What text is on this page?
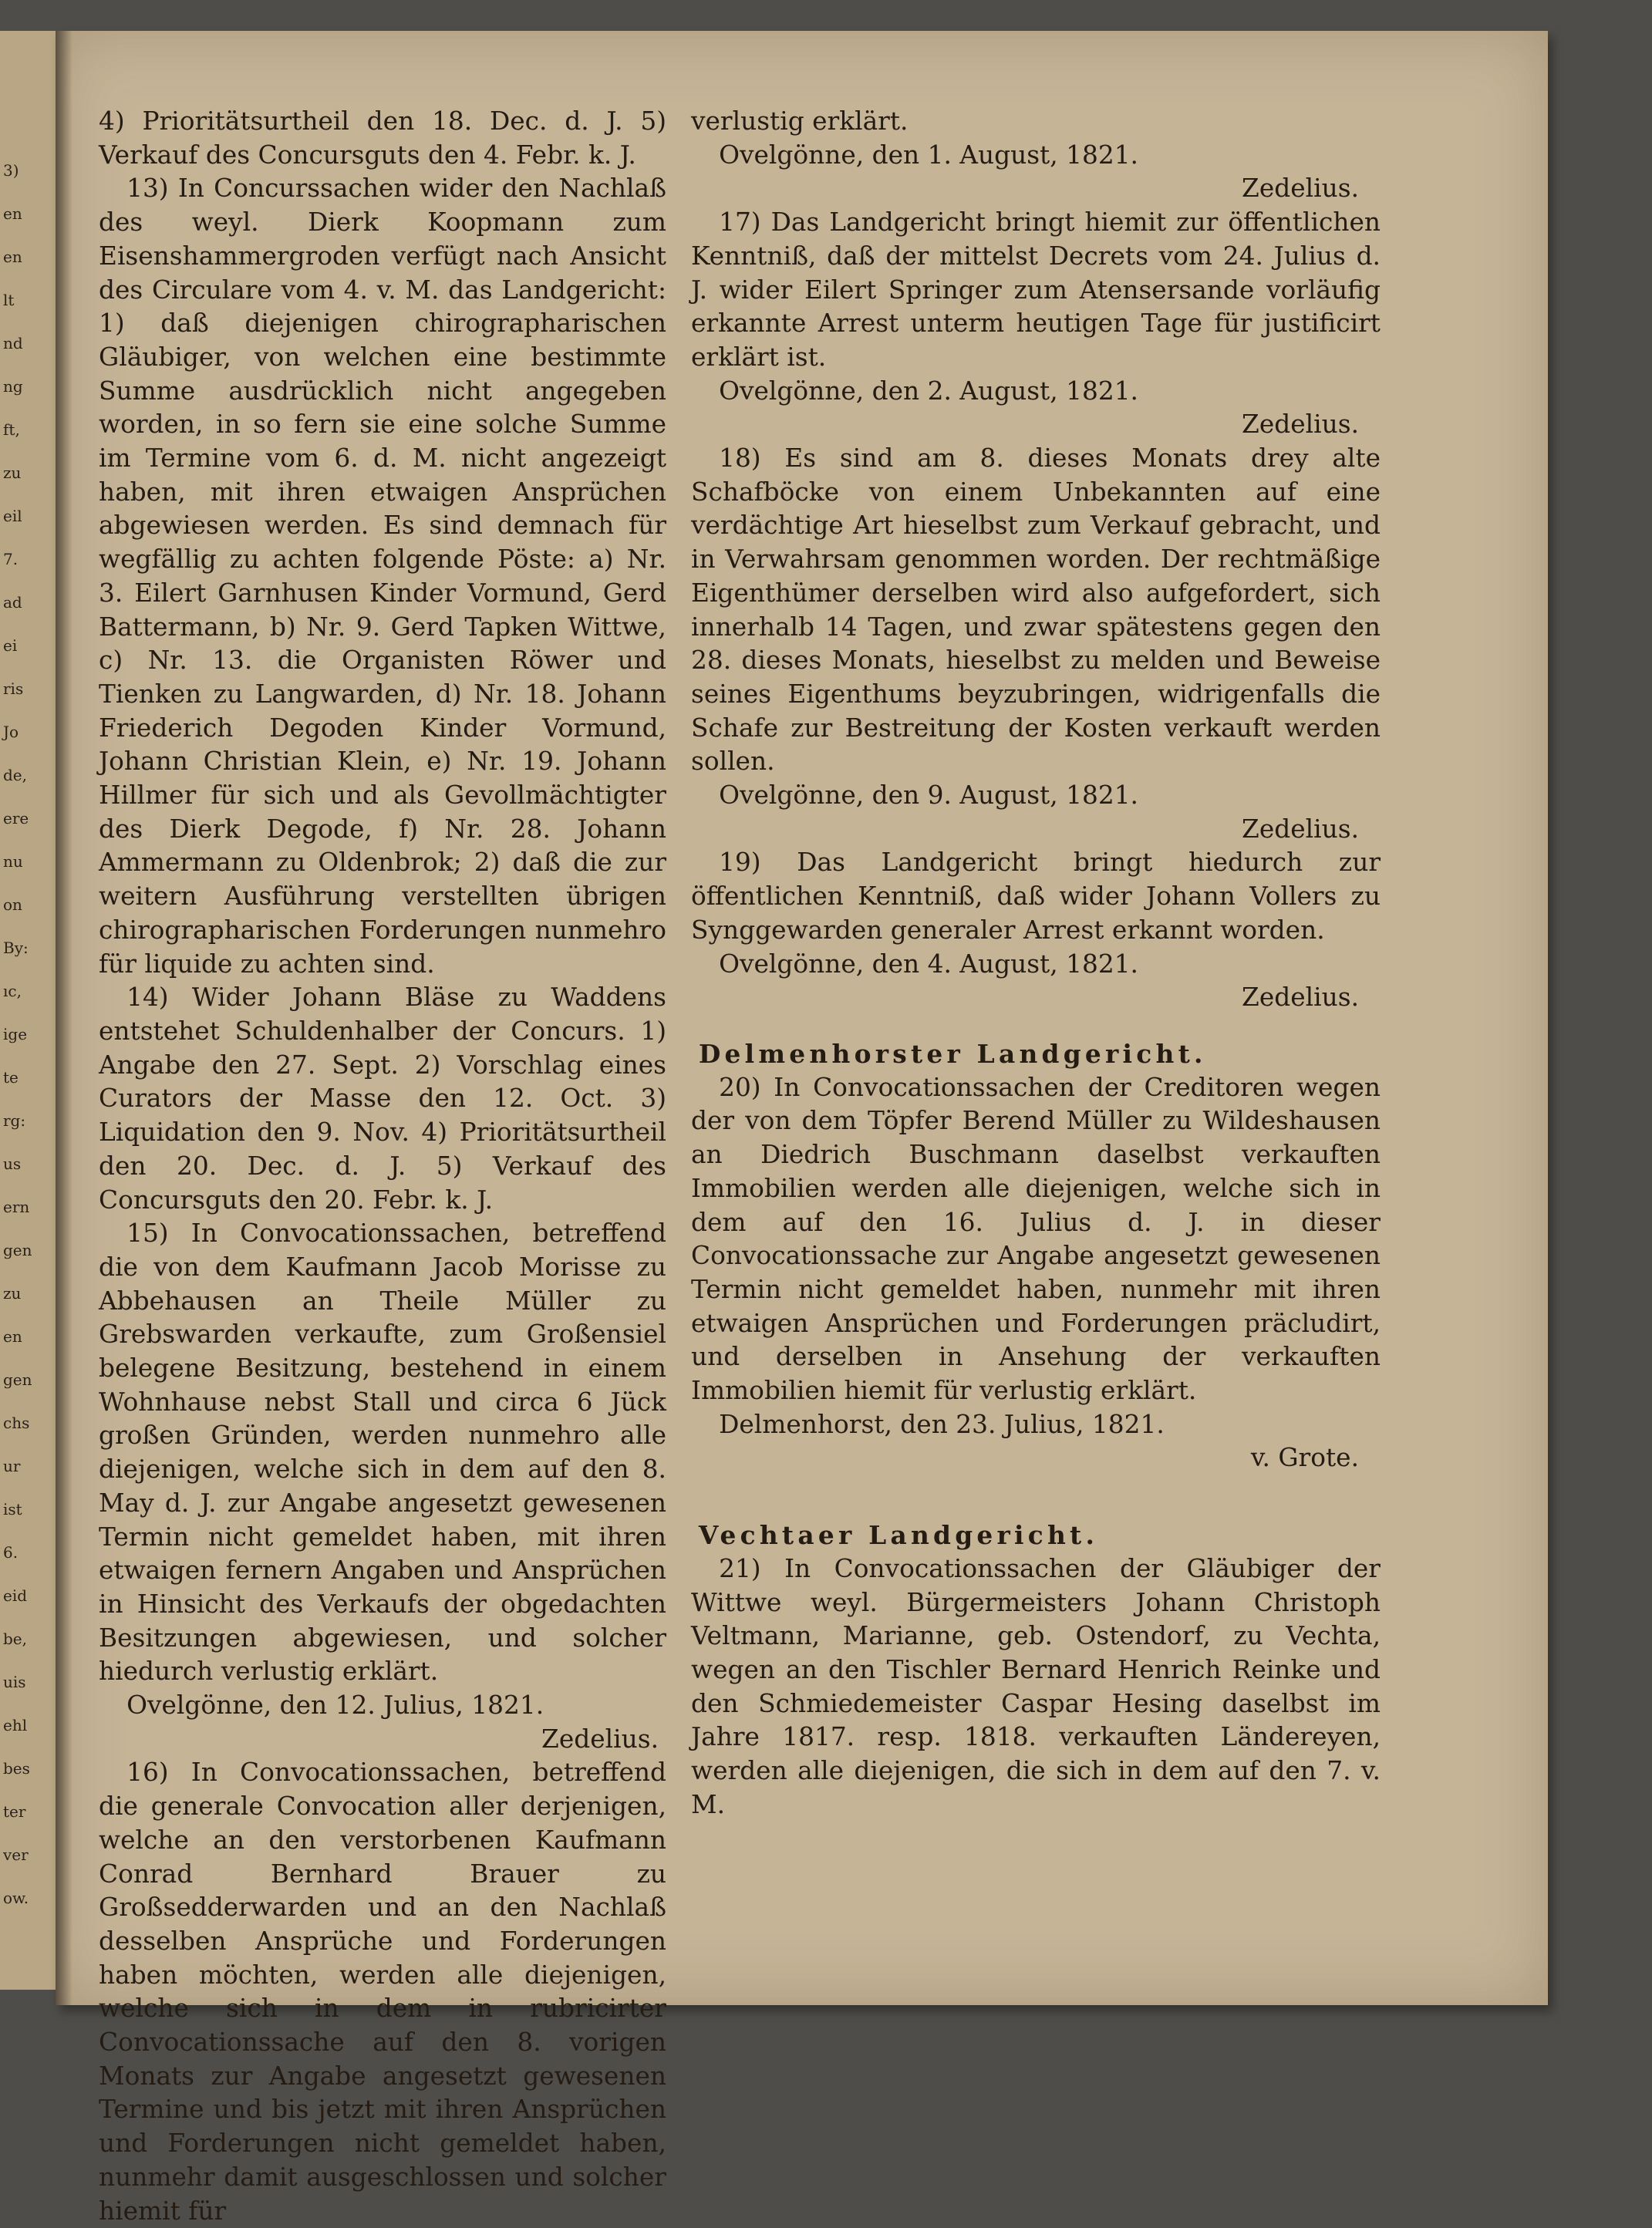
3)
en
en
lt
nd
ng
ft,
zu
eil
7.
ad
ei
ris
Jo
de,
ere
nu
on
By:
ıc,
ige
te
rg:
us
ern
gen
zu
en
gen
chs
ur
ist
6.
eid
be,
uis
ehl
bes
ter
ver
ow.

4) Prioritätsurtheil den 18. Dec. d. J. 5) Verkauf des Concursguts den 4. Febr. k. J.

13) In Concurssachen wider den Nachlaß des weyl. Dierk Koopmann zum Eisenshammergroden verfügt nach Ansicht des Circulare vom 4. v. M. das Landgericht: 1) daß diejenigen chirographarischen Gläubiger, von welchen eine bestimmte Summe ausdrücklich nicht angegeben worden, in so fern sie eine solche Summe im Termine vom 6. d. M. nicht angezeigt haben, mit ihren etwaigen Ansprüchen abgewiesen werden. Es sind demnach für wegfällig zu achten folgende Pöste: a) Nr. 3. Eilert Garnhusen Kinder Vormund, Gerd Battermann, b) Nr. 9. Gerd Tapken Wittwe, c) Nr. 13. die Organisten Röwer und Tienken zu Langwarden, d) Nr. 18. Johann Friederich Degoden Kinder Vormund, Johann Christian Klein, e) Nr. 19. Johann Hillmer für sich und als Gevollmächtigter des Dierk Degode, f) Nr. 28. Johann Ammermann zu Oldenbrok; 2) daß die zur weitern Ausführung verstellten übrigen chirographarischen Forderungen nunmehro für liquide zu achten sind.

14) Wider Johann Bläse zu Waddens entstehet Schuldenhalber der Concurs. 1) Angabe den 27. Sept. 2) Vorschlag eines Curators der Masse den 12. Oct. 3) Liquidation den 9. Nov. 4) Prioritätsurtheil den 20. Dec. d. J. 5) Verkauf des Concursguts den 20. Febr. k. J.

15) In Convocationssachen, betreffend die von dem Kaufmann Jacob Morisse zu Abbehausen an Theile Müller zu Grebswarden verkaufte, zum Großensiel belegene Besitzung, bestehend in einem Wohnhause nebst Stall und circa 6 Jück großen Gründen, werden nunmehro alle diejenigen, welche sich in dem auf den 8. May d. J. zur Angabe angesetzt gewesenen Termin nicht gemeldet haben, mit ihren etwaigen fernern Angaben und Ansprüchen in Hinsicht des Verkaufs der obgedachten Besitzungen abgewiesen, und solcher hiedurch verlustig erklärt.

Ovelgönne, den 12. Julius, 1821.

Zedelius.

16) In Convocationssachen, betreffend die generale Convocation aller derjenigen, welche an den verstorbenen Kaufmann Conrad Bernhard Brauer zu Großsedderwarden und an den Nachlaß desselben Ansprüche und Forderungen haben möchten, werden alle diejenigen, welche sich in dem in rubricirter Convocationssache auf den 8. vorigen Monats zur Angabe angesetzt gewesenen Termine und bis jetzt mit ihren Ansprüchen und Forderungen nicht gemeldet haben, nunmehr damit ausgeschlossen und solcher hiemit für

verlustig erklärt.

Ovelgönne, den 1. August, 1821.

Zedelius.

17) Das Landgericht bringt hiemit zur öffentlichen Kenntniß, daß der mittelst Decrets vom 24. Julius d. J. wider Eilert Springer zum Atensersande vorläufig erkannte Arrest unterm heutigen Tage für justificirt erklärt ist.

Ovelgönne, den 2. August, 1821.

Zedelius.

18) Es sind am 8. dieses Monats drey alte Schafböcke von einem Unbekannten auf eine verdächtige Art hieselbst zum Verkauf gebracht, und in Verwahrsam genommen worden. Der rechtmäßige Eigenthümer derselben wird also aufgefordert, sich innerhalb 14 Tagen, und zwar spätestens gegen den 28. dieses Monats, hieselbst zu melden und Beweise seines Eigenthums beyzubringen, widrigenfalls die Schafe zur Bestreitung der Kosten verkauft werden sollen.

Ovelgönne, den 9. August, 1821.

Zedelius.

19) Das Landgericht bringt hiedurch zur öffentlichen Kenntniß, daß wider Johann Vollers zu Synggewarden generaler Arrest erkannt worden.

Ovelgönne, den 4. August, 1821.

Zedelius.

Delmenhorster Landgericht.

20) In Convocationssachen der Creditoren wegen der von dem Töpfer Berend Müller zu Wildeshausen an Diedrich Buschmann daselbst verkauften Immobilien werden alle diejenigen, welche sich in dem auf den 16. Julius d. J. in dieser Convocationssache zur Angabe angesetzt gewesenen Termin nicht gemeldet haben, nunmehr mit ihren etwaigen Ansprüchen und Forderungen präcludirt, und derselben in Ansehung der verkauften Immobilien hiemit für verlustig erklärt.

Delmenhorst, den 23. Julius, 1821.

v. Grote.

Vechtaer Landgericht.

21) In Convocationssachen der Gläubiger der Wittwe weyl. Bürgermeisters Johann Christoph Veltmann, Marianne, geb. Ostendorf, zu Vechta, wegen an den Tischler Bernard Henrich Reinke und den Schmiedemeister Caspar Hesing daselbst im Jahre 1817. resp. 1818. verkauften Ländereyen, werden alle diejenigen, die sich in dem auf den 7. v. M.
